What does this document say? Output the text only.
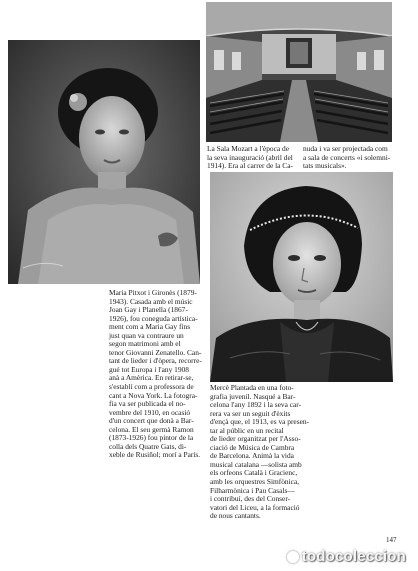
Maria Pitxot i Gironès (1879-
1943). Casada amb el músic
Joan Gay i Planella (1867-
1926), fou coneguda artística-
ment com a Maria Gay fins
just quan va contraure un
segon matrimoni amb el
tenor Giovanni Zenatello. Can-
tant de lieder i d'òpera, recorre-
gué tot Europa i l'any 1908
anà a Amèrica. En retirar-se,
s'establí com a professora de
cant a Nova York. La fotogra-
fia va ser publicada el no-
vembre del 1910, en ocasió
d'un concert que donà a Bar-
celona. El seu germà Ramon
(1873-1926) fou pintor de la
colla dels Quatre Gats, di-
xeble de Rusiñol; morí a París.

La Sala Mozart a l'època de
la seva inauguració (abril del
1914). Era al carrer de la Ca-

nuda i va ser projectada com
a sala de concerts «i solemni-
tats musicals».

Mercè Plantada en una foto-
grafia juvenil. Nasqué a Bar-
celona l'any 1892 i la seva car-
rera va ser un seguit d'èxits
d'ençà que, el 1913, es va presen-
tar al públic en un recital
de lieder organitzat per l'Asso-
ciació de Música de Cambra
de Barcelona. Animà la vida
musical catalana —solista amb
els orfeons Català i Gracienc,
amb les orquestres Simfònica,
Filharmònica i Pau Casals—
i contribuí, des del Conser-
vatori del Liceu, a la formació
de nous cantants.

147
todocoleccion
